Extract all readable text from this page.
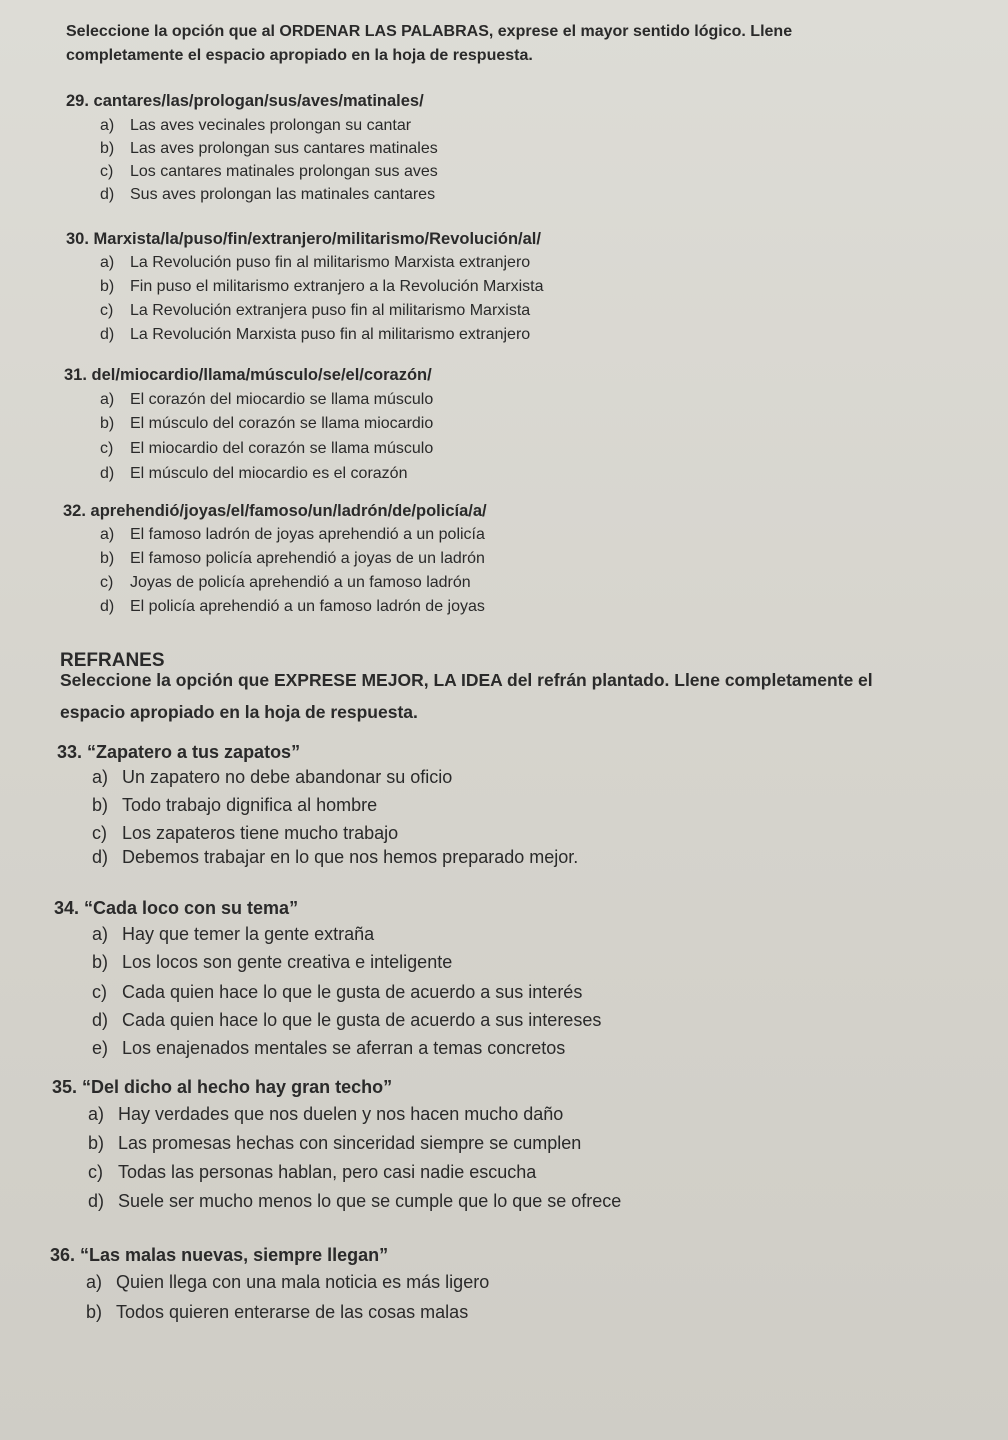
Seleccione la opción que al ORDENAR LAS PALABRAS, exprese el mayor sentido lógico. Llene completamente el espacio apropiado en la hoja de respuesta.
29. cantares/las/prologan/sus/aves/matinales/
a) Las aves vecinales prolongan su cantar
b) Las aves prolongan sus cantares matinales
c) Los cantares matinales prolongan sus aves
d) Sus aves prolongan las matinales cantares
30. Marxista/la/puso/fin/extranjero/militarismo/Revolución/al/
a) La Revolución puso fin al militarismo Marxista extranjero
b) Fin puso el militarismo extranjero a la Revolución Marxista
c) La Revolución extranjera puso fin al militarismo Marxista
d) La Revolución Marxista puso fin al militarismo extranjero
31. del/miocardio/llama/músculo/se/el/corazón/
a) El corazón del miocardio se llama músculo
b) El músculo del corazón se llama miocardio
c) El miocardio del corazón se llama músculo
d) El músculo del miocardio es el corazón
32. aprehendió/joyas/el/famoso/un/ladrón/de/policía/a/
a) El famoso ladrón de joyas aprehendió a un policía
b) El famoso policía aprehendió a joyas de un ladrón
c) Joyas de policía aprehendió a un famoso ladrón
d) El policía aprehendió a un famoso ladrón de joyas
REFRANES
Seleccione la opción que EXPRESE MEJOR, LA IDEA del refrán plantado. Llene completamente el espacio apropiado en la hoja de respuesta.
33. “Zapatero a tus zapatos”
a) Un zapatero no debe abandonar su oficio
b) Todo trabajo dignifica al hombre
c) Los zapateros tiene mucho trabajo
d) Debemos trabajar en lo que nos hemos preparado mejor.
34. “Cada loco con su tema”
a) Hay que temer la gente extraña
b) Los locos son gente creativa e inteligente
c) Cada quien hace lo que le gusta de acuerdo a sus interés
d) Cada quien hace lo que le gusta de acuerdo a sus intereses
e) Los enajenados mentales se aferran a temas concretos
35. “Del dicho al hecho hay gran techo”
a) Hay verdades que nos duelen y nos hacen mucho daño
b) Las promesas hechas con sinceridad siempre se cumplen
c) Todas las personas hablan, pero casi nadie escucha
d) Suele ser mucho menos lo que se cumple que lo que se ofrece
36. “Las malas nuevas, siempre llegan”
a) Quien llega con una mala noticia es más ligero
b) Todos quieren enterarse de las cosas malas
